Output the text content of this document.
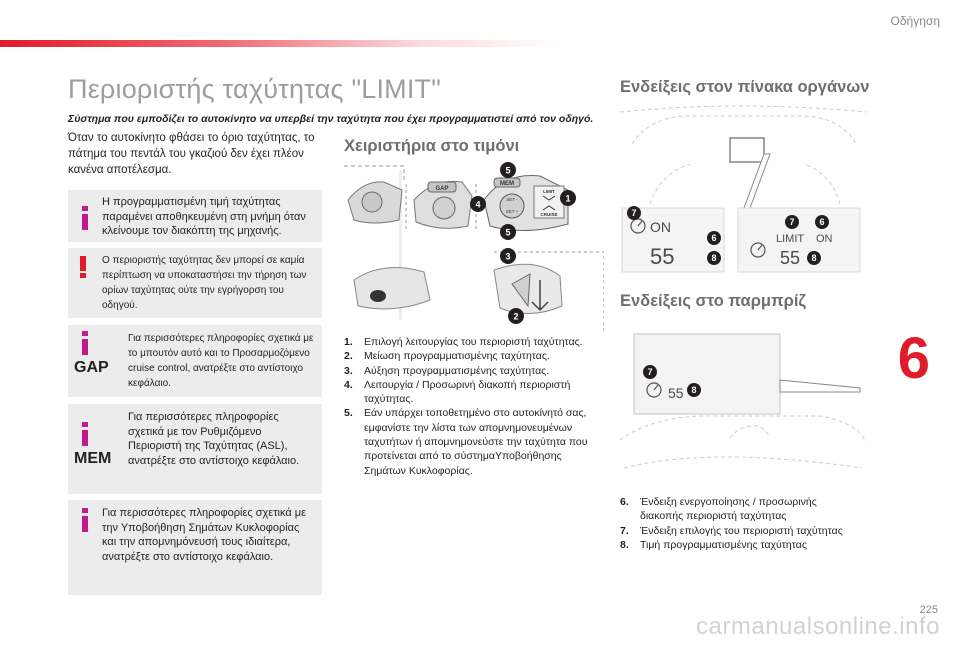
Οδήγηση
6
225
carmanualsonline.info
Περιοριστής ταχύτητας "LIMIT"
Σύστημα που εμποδίζει το αυτοκίνητο να υπερβεί την ταχύτητα που έχει προγραμματιστεί από τον οδηγό.
Όταν το αυτοκίνητο φθάσει το όριο ταχύτητας, το πάτημα του πεντάλ του γκαζιού δεν έχει πλέον κανένα αποτέλεσμα.
Η προγραμματισμένη τιμή ταχύτητας παραμένει αποθηκευμένη στη μνήμη όταν κλείνουμε τον διακόπτη της μηχανής.
Ο περιοριστής ταχύτητας δεν μπορεί σε καμία περίπτωση να υποκαταστήσει την τήρηση των ορίων ταχύτητας ούτε την εγρήγορση του οδηγού.
GAP
Για περισσότερες πληροφορίες σχετικά με το μπουτόν αυτό και το Προσαρμοζόμενο cruise control, ανατρέξτε στο αντίστοιχο κεφάλαιο.
MEM
Για περισσότερες πληροφορίες σχετικά με τον Ρυθμιζόμενο Περιοριστή της Ταχύτητας (ASL), ανατρέξτε στο αντίστοιχο κεφάλαιο.
Για περισσότερες πληροφορίες σχετικά με την Υποβοήθηση Σημάτων Κυκλοφορίας και την απομνημόνευσή τους ιδιαίτερα, ανατρέξτε στο αντίστοιχο κεφάλαιο.
Χειριστήρια στο τιμόνι
GAP
MEM
SET -
SET +
LIMIT
CRUISE
1
2
3
4
5
5
1. Επιλογή λειτουργίας του περιοριστή ταχύτητας.
2. Μείωση προγραμματισμένης ταχύτητας.
3. Αύξηση προγραμματισμένης ταχύτητας.
4. Λειτουργία / Προσωρινή διακοπή περιοριστή ταχύτητας.
5. Εάν υπάρχει τοποθετημένο στο αυτοκίνητό σας, εμφανίστε την λίστα των απομνημονευμένων ταχυτήτων ή απομνημονεύστε την ταχύτητα που προτείνεται από το σύστημαΥποβοήθησης Σημάτων Κυκλοφορίας.
Ενδείξεις στον πίνακα οργάνων
ON
55
7
6
8
LIMIT ON
55
7	6
8
Ενδείξεις στο παρμπρίζ
55
7
8
6. Ένδειξη ενεργοποίησης / προσωρινής διακοπής περιοριστή ταχύτητας
7. Ένδειξη επιλογής του περιοριστή ταχύτητας
8. Τιμή προγραμματισμένης ταχύτητας
